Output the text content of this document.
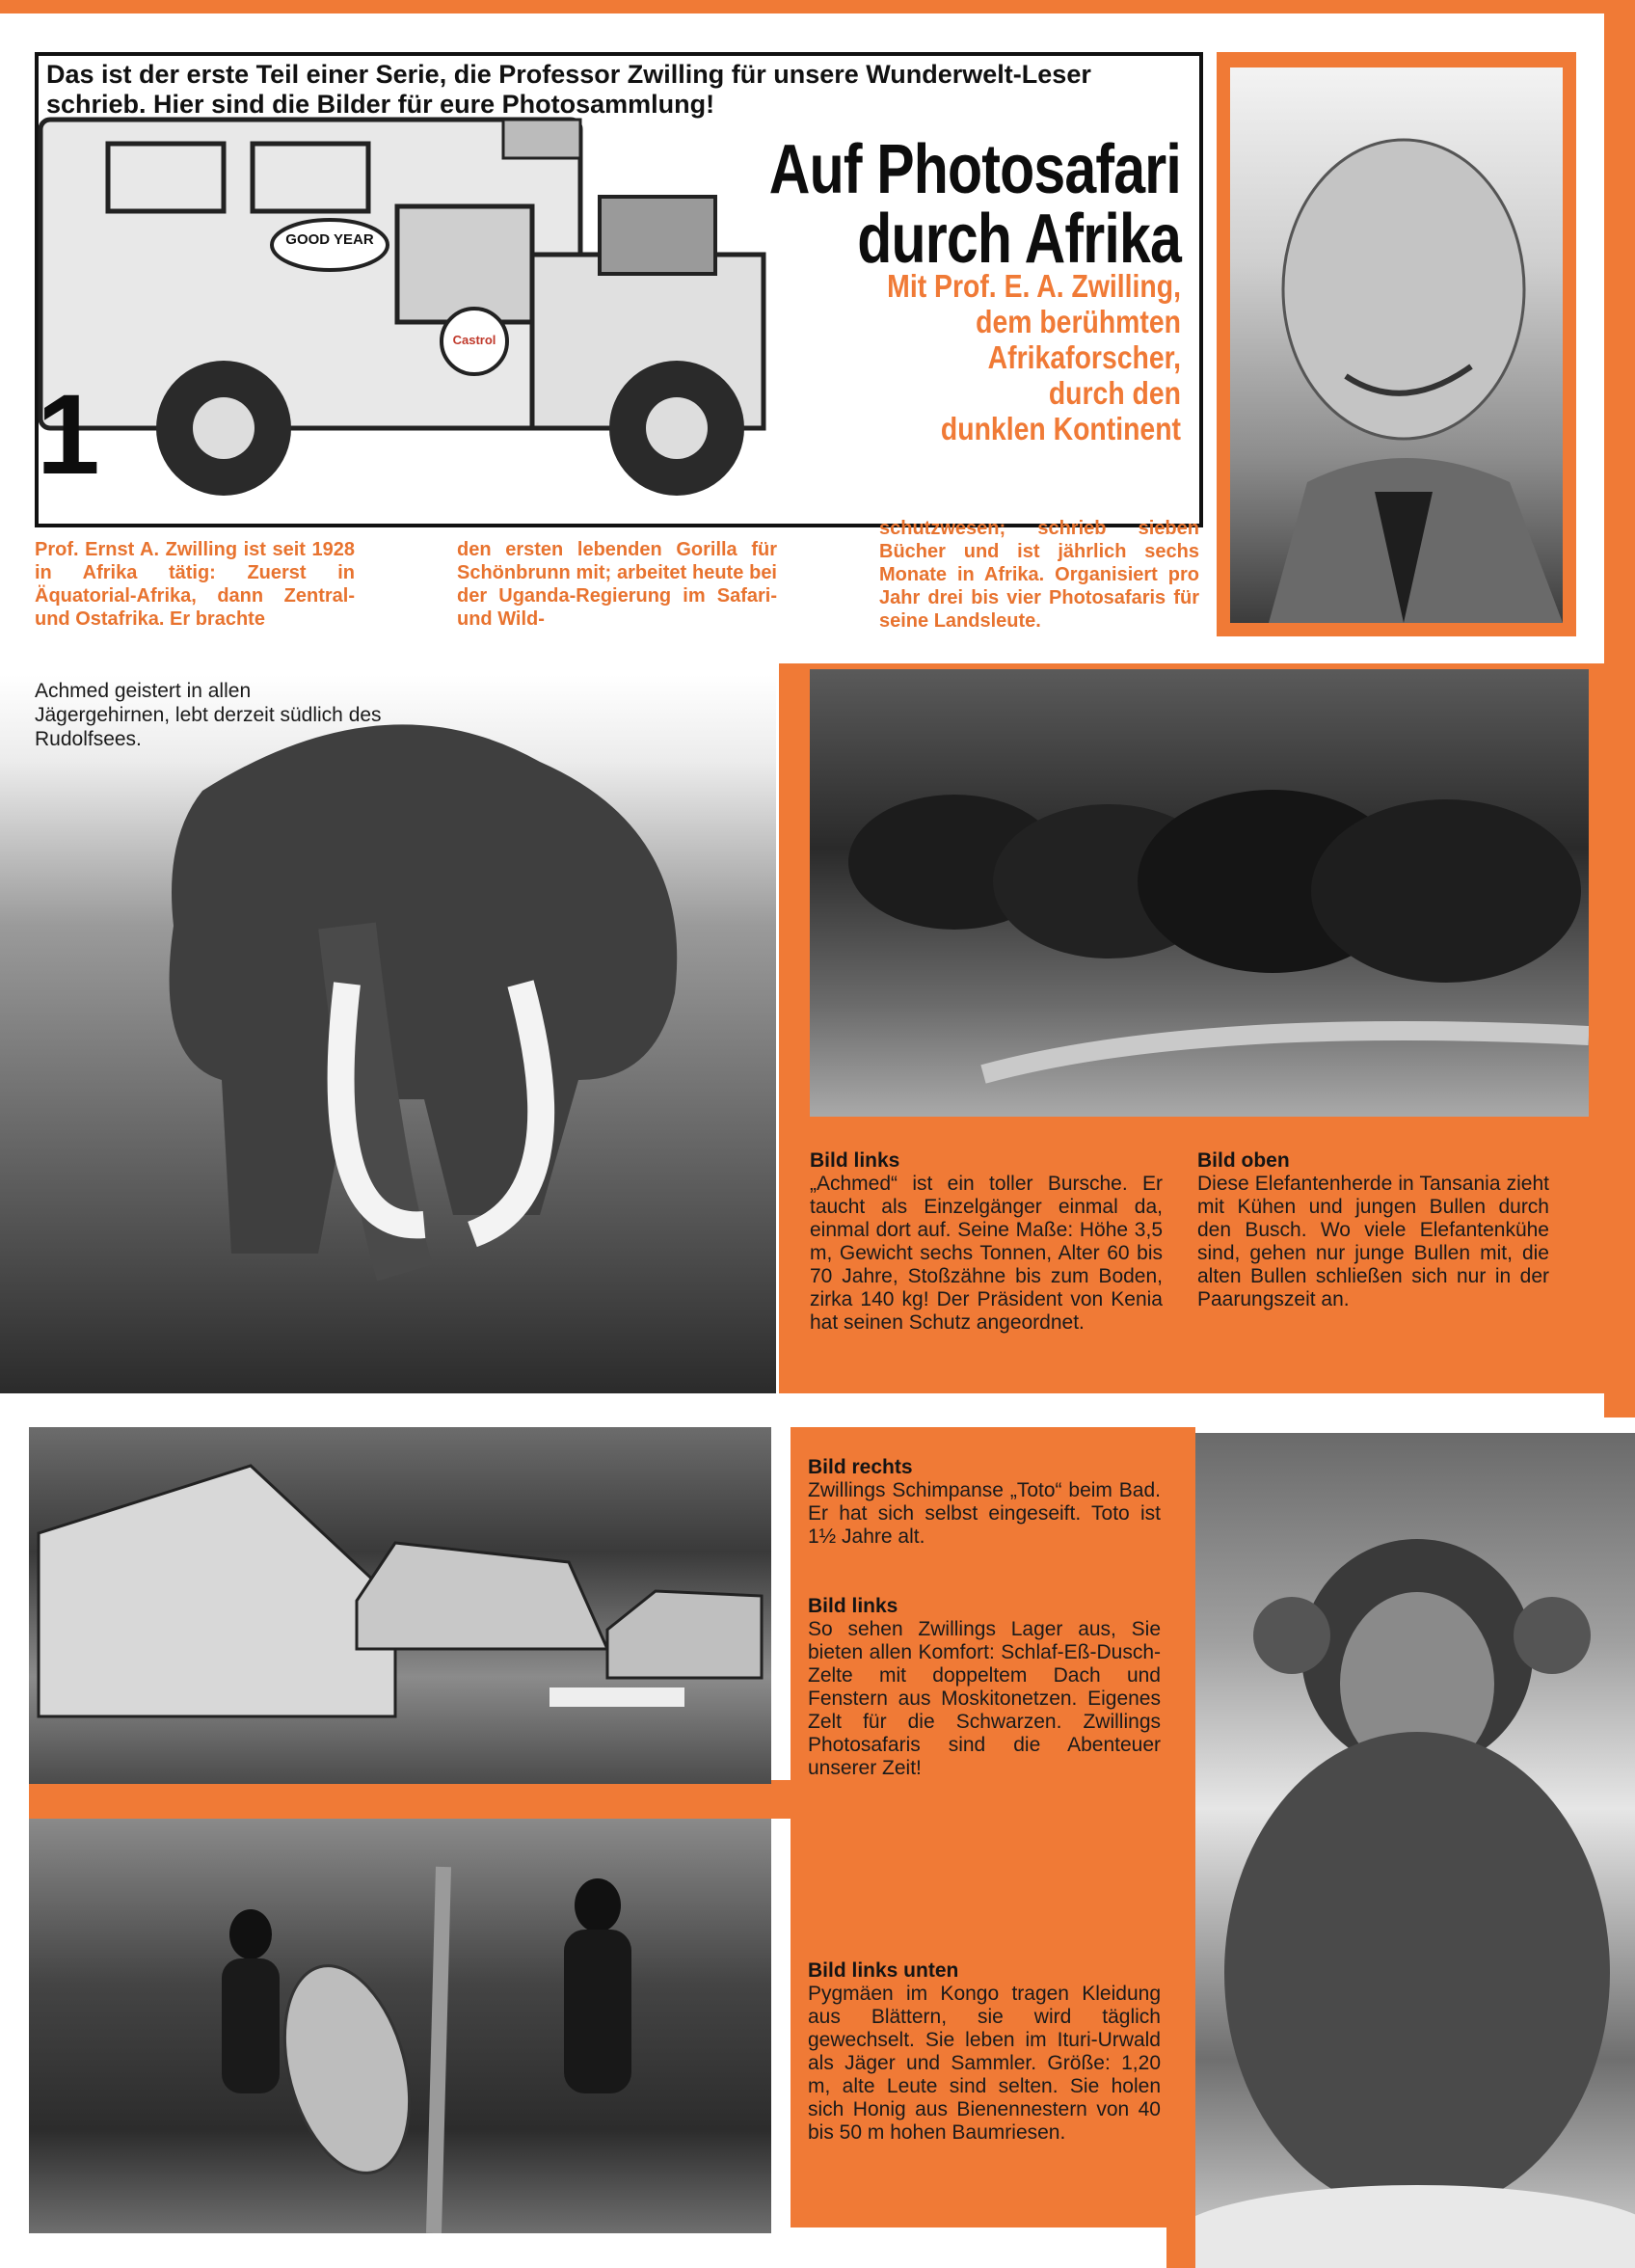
GOOD YEAR
Castrol
Das ist der erste Teil einer Serie, die Professor Zwilling für unsere Wunderwelt-Leser schrieb. Hier sind die Bilder für eure Photosammlung!
1
Auf Photosafari
durch Afrika
Mit Prof. E. A. Zwilling,
dem berühmten
Afrikaforscher,
durch den
dunklen Kontinent
Prof. Ernst A. Zwilling ist seit 1928 in Afrika tätig: Zuerst in Äquatorial-Afrika, dann Zentral- und Ostafrika. Er brachte
den ersten lebenden Gorilla für Schönbrunn mit; arbeitet heute bei der Uganda-Regierung im Safari- und Wild-
schutzwesen; schrieb sieben Bücher und ist jährlich sechs Monate in Afrika. Organisiert pro Jahr drei bis vier Photosafaris für seine Landsleute.
Achmed geistert in allen Jägergehirnen, lebt derzeit südlich des Rudolfsees.
Bild links
„Achmed“ ist ein toller Bursche. Er taucht als Einzelgänger einmal da, einmal dort auf. Seine Maße: Höhe 3,5 m, Gewicht sechs Tonnen, Alter 60 bis 70 Jahre, Stoßzähne bis zum Boden, zirka 140 kg! Der Präsident von Kenia hat seinen Schutz angeordnet.
Bild oben
Diese Elefantenherde in Tansania zieht mit Kühen und jungen Bullen durch den Busch. Wo viele Elefantenkühe sind, gehen nur junge Bullen mit, die alten Bullen schließen sich nur in der Paarungszeit an.
Bild rechts
Zwillings Schimpanse „Toto“ beim Bad. Er hat sich selbst eingeseift. Toto ist 1½ Jahre alt.
Bild links
So sehen Zwillings Lager aus, Sie bieten allen Komfort: Schlaf-Eß-Dusch-Zelte mit doppeltem Dach und Fenstern aus Moskitonetzen. Eigenes Zelt für die Schwarzen. Zwillings Photosafaris sind die Abenteuer unserer Zeit!
Bild links unten
Pygmäen im Kongo tragen Kleidung aus Blättern, sie wird täglich gewechselt. Sie leben im Ituri-Urwald als Jäger und Sammler. Größe: 1,20 m, alte Leute sind selten. Sie holen sich Honig aus Bienennestern von 40 bis 50 m hohen Baumriesen.
